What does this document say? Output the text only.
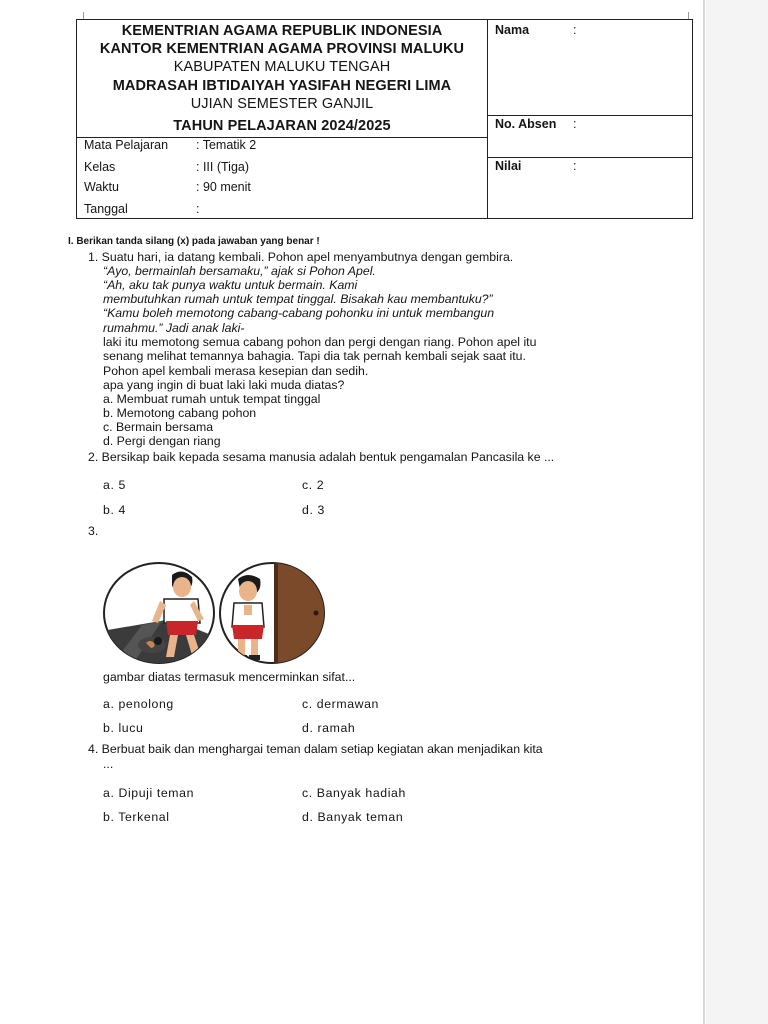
KEMENTRIAN AGAMA REPUBLIK INDONESIA
KANTOR KEMENTRIAN AGAMA PROVINSI MALUKU
KABUPATEN MALUKU TENGAH
MADRASAH IBTIDAIYAH YASIFAH NEGERI LIMA
UJIAN SEMESTER GANJIL
TAHUN PELAJARAN 2024/2025
Mata Pelajaran : Tematik 2
Kelas	: III (Tiga)
Waktu	: 90 menit
Tanggal	:
Nama	:
No. Absen :
Nilai	:
I. Berikan tanda silang (x) pada jawaban yang benar !
1. Suatu hari, ia datang kembali. Pohon apel menyambutnya dengan gembira.
“Ayo, bermainlah bersamaku,” ajak si Pohon Apel.
“Ah, aku tak punya waktu untuk bermain. Kami
membutuhkan rumah untuk tempat tinggal. Bisakah kau membantuku?”
“Kamu boleh memotong cabang-cabang pohonku ini untuk membangun
rumahmu.” Jadi anak laki-
laki itu memotong semua cabang pohon dan pergi dengan riang. Pohon apel itu
senang melihat temannya bahagia. Tapi dia tak pernah kembali sejak saat itu.
Pohon apel kembali merasa kesepian dan sedih.
apa yang ingin di buat laki laki muda diatas?
a. Membuat rumah untuk tempat tinggal
b. Memotong cabang pohon
c. Bermain bersama
d. Pergi dengan riang
2. Bersikap baik kepada sesama manusia adalah bentuk pengamalan Pancasila ke ...
a. 5	c. 2
b. 4	d. 3
3.
gambar diatas termasuk mencerminkan sifat...
a. penolong	c. dermawan
b. lucu	d. ramah
4. Berbuat baik dan menghargai teman dalam setiap kegiatan akan menjadikan kita
...
a. Dipuji teman	c. Banyak hadiah
b. Terkenal	d. Banyak teman
